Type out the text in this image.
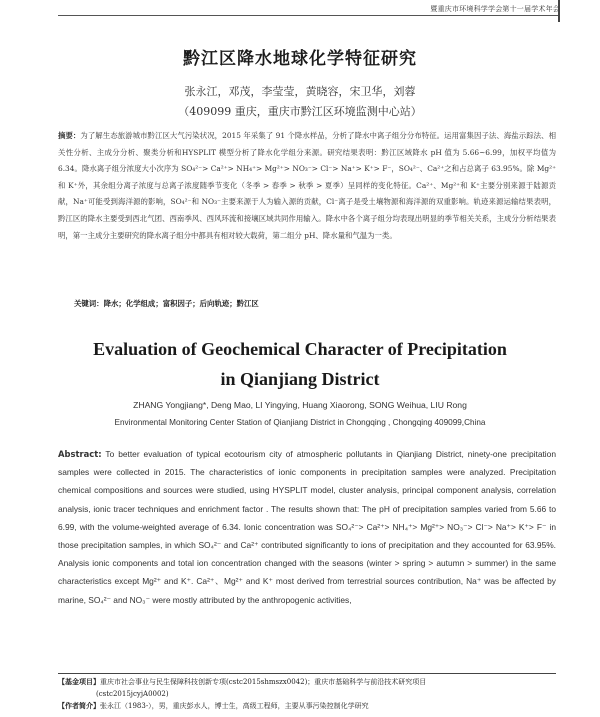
暨重庆市环境科学学会第十一届学术年会
黔江区降水地球化学特征研究
张永江，邓茂，李莹莹，黄晓容，宋卫华，刘蓉
（409099 重庆，重庆市黔江区环境监测中心站）
摘要：为了解生态旅游城市黔江区大气污染状况，2015 年采集了 91 个降水样品，分析了降水中离子组分分布特征。运用富集因子法、海盐示踪法、相关性分析、主成分分析、聚类分析和HYSPLIT 模型分析了降水化学组分来源。研究结果表明：黔江区域降水 pH 值为 5.66~6.99，加权平均值为 6.34。降水离子组分浓度大小次序为 SO₄²⁻> Ca²⁺> NH₄⁺> Mg²⁺> NO₃⁻> Cl⁻> Na⁺> K⁺> F⁻，SO₄²⁻、Ca²⁺之和占总离子 63.95%。除 Mg²⁺和 K⁺外，其余组分离子浓度与总离子浓度随季节变化（冬季 > 春季 > 秋季 > 夏季）呈同样的变化特征。Ca²⁺、Mg²⁺和 K⁺主要分别来源于陆源贡献，Na⁺可能受到海洋源的影响，SO₄²⁻和 NO₃⁻主要来源于人为输入源的贡献，Cl⁻离子是受土壤物源和海洋源的双重影响。轨迹来源运输结果表明，黔江区的降水主要受到西北气团、西南季风、西风环流和接壤区域共同作用输入。降水中各个离子组分均表现出明显的季节相关关系，主成分分析结果表明，第一主成分主要研究的降水离子组分中都具有相对较大载荷，第二组分 pH、降水量和气温为一类。
关键词：降水；化学组成；富积因子；后向轨迹；黔江区
Evaluation of Geochemical Character of Precipitation
in Qianjiang District
ZHANG Yongjiang*, Deng Mao, LI Yingying, Huang Xiaorong, SONG Weihua, LIU Rong
Environmental Monitoring Center Station of Qianjiang District in Chongqing , Chongqing 409099,China
Abstract: To better evaluation of typical ecotourism city of atmospheric pollutants in Qianjiang District, ninety-one precipitation samples were collected in 2015. The characteristics of ionic components in precipitation samples were analyzed. Precipitation chemical compositions and sources were studied, using HYSPLIT model, cluster analysis, principal component analysis, correlation analysis, ionic tracer techniques and enrichment factor . The results shown that: The pH of precipitation samples varied from 5.66 to 6.99, with the volume-weighted average of 6.34. Ionic concentration was SO₄²⁻> Ca²⁺> NH₄⁺> Mg²⁺> NO₃⁻> Cl⁻> Na⁺> K⁺> F⁻ in those precipitation samples, in which SO₄²⁻ and Ca²⁺ contributed significantly to ions of precipitation and they accounted for 63.95%. Analysis ionic components and total ion concentration changed with the seasons (winter > spring > autumn > summer) in the same characteristics except Mg²⁺ and K⁺. Ca²⁺、Mg²⁺ and K⁺ most derived from terrestrial sources contribution, Na⁺ was be affected by marine, SO₄²⁻ and NO₃⁻ were mostly attributed by the anthropogenic activities,
【基金项目】重庆市社会事业与民生保障科技创新专项(cstc2015shmszx0042)；重庆市基础科学与前沿技术研究项目
(cstc2015jcyjA0002)
【作者简介】张永江（1983-），男，重庆彭水人，博士生，高级工程师，主要从事污染控制化学研究
